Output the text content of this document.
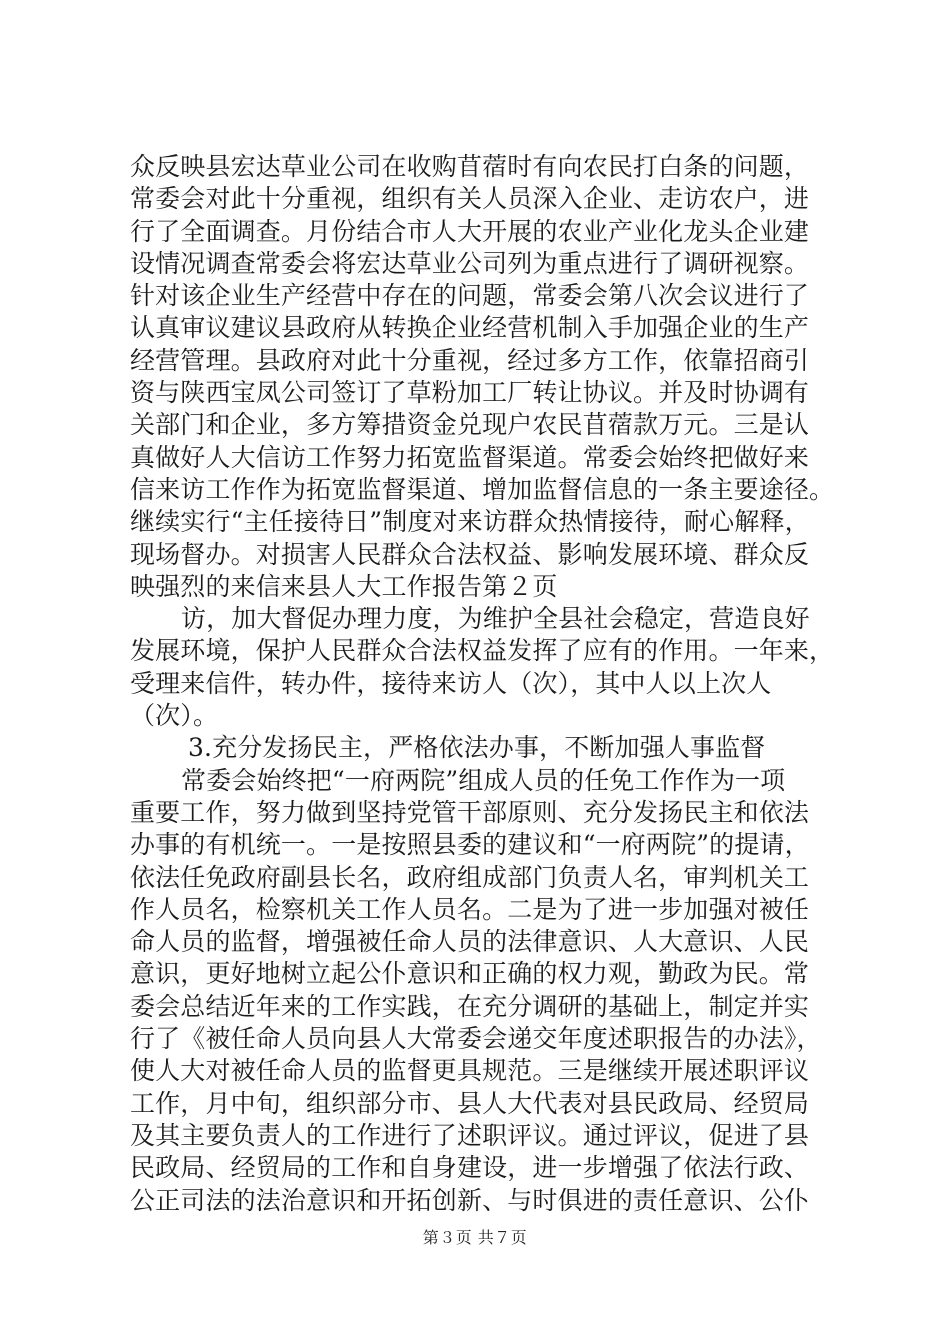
众反映县宏达草业公司在收购苜蓿时有向农民打白条的问题，
常委会对此十分重视，组织有关人员深入企业、走访农户，进
行了全面调查。月份结合市人大开展的农业产业化龙头企业建
设情况调查常委会将宏达草业公司列为重点进行了调研视察。
针对该企业生产经营中存在的问题，常委会第八次会议进行了
认真审议建议县政府从转换企业经营机制入手加强企业的生产
经营管理。县政府对此十分重视，经过多方工作，依靠招商引
资与陕西宝凤公司签订了草粉加工厂转让协议。并及时协调有
关部门和企业，多方筹措资金兑现户农民苜蓿款万元。三是认
真做好人大信访工作努力拓宽监督渠道。常委会始终把做好来
信来访工作作为拓宽监督渠道、增加监督信息的一条主要途径。
继续实行“主任接待日”制度对来访群众热情接待，耐心解释，
现场督办。对损害人民群众合法权益、影响发展环境、群众反
映强烈的来信来县人大工作报告第２页
访，加大督促办理力度，为维护全县社会稳定，营造良好
发展环境，保护人民群众合法权益发挥了应有的作用。一年来，
受理来信件，转办件，接待来访人（次），其中人以上次人
（次）。
3.充分发扬民主，严格依法办事，不断加强人事监督
常委会始终把“一府两院”组成人员的任免工作作为一项
重要工作，努力做到坚持党管干部原则、充分发扬民主和依法
办事的有机统一。一是按照县委的建议和“一府两院”的提请，
依法任免政府副县长名，政府组成部门负责人名，审判机关工
作人员名，检察机关工作人员名。二是为了进一步加强对被任
命人员的监督，增强被任命人员的法律意识、人大意识、人民
意识，更好地树立起公仆意识和正确的权力观，勤政为民。常
委会总结近年来的工作实践，在充分调研的基础上，制定并实
行了《被任命人员向县人大常委会递交年度述职报告的办法》，
使人大对被任命人员的监督更具规范。三是继续开展述职评议
工作，月中旬，组织部分市、县人大代表对县民政局、经贸局
及其主要负责人的工作进行了述职评议。通过评议，促进了县
民政局、经贸局的工作和自身建设，进一步增强了依法行政、
公正司法的法治意识和开拓创新、与时俱进的责任意识、公仆
第３页 共７页
